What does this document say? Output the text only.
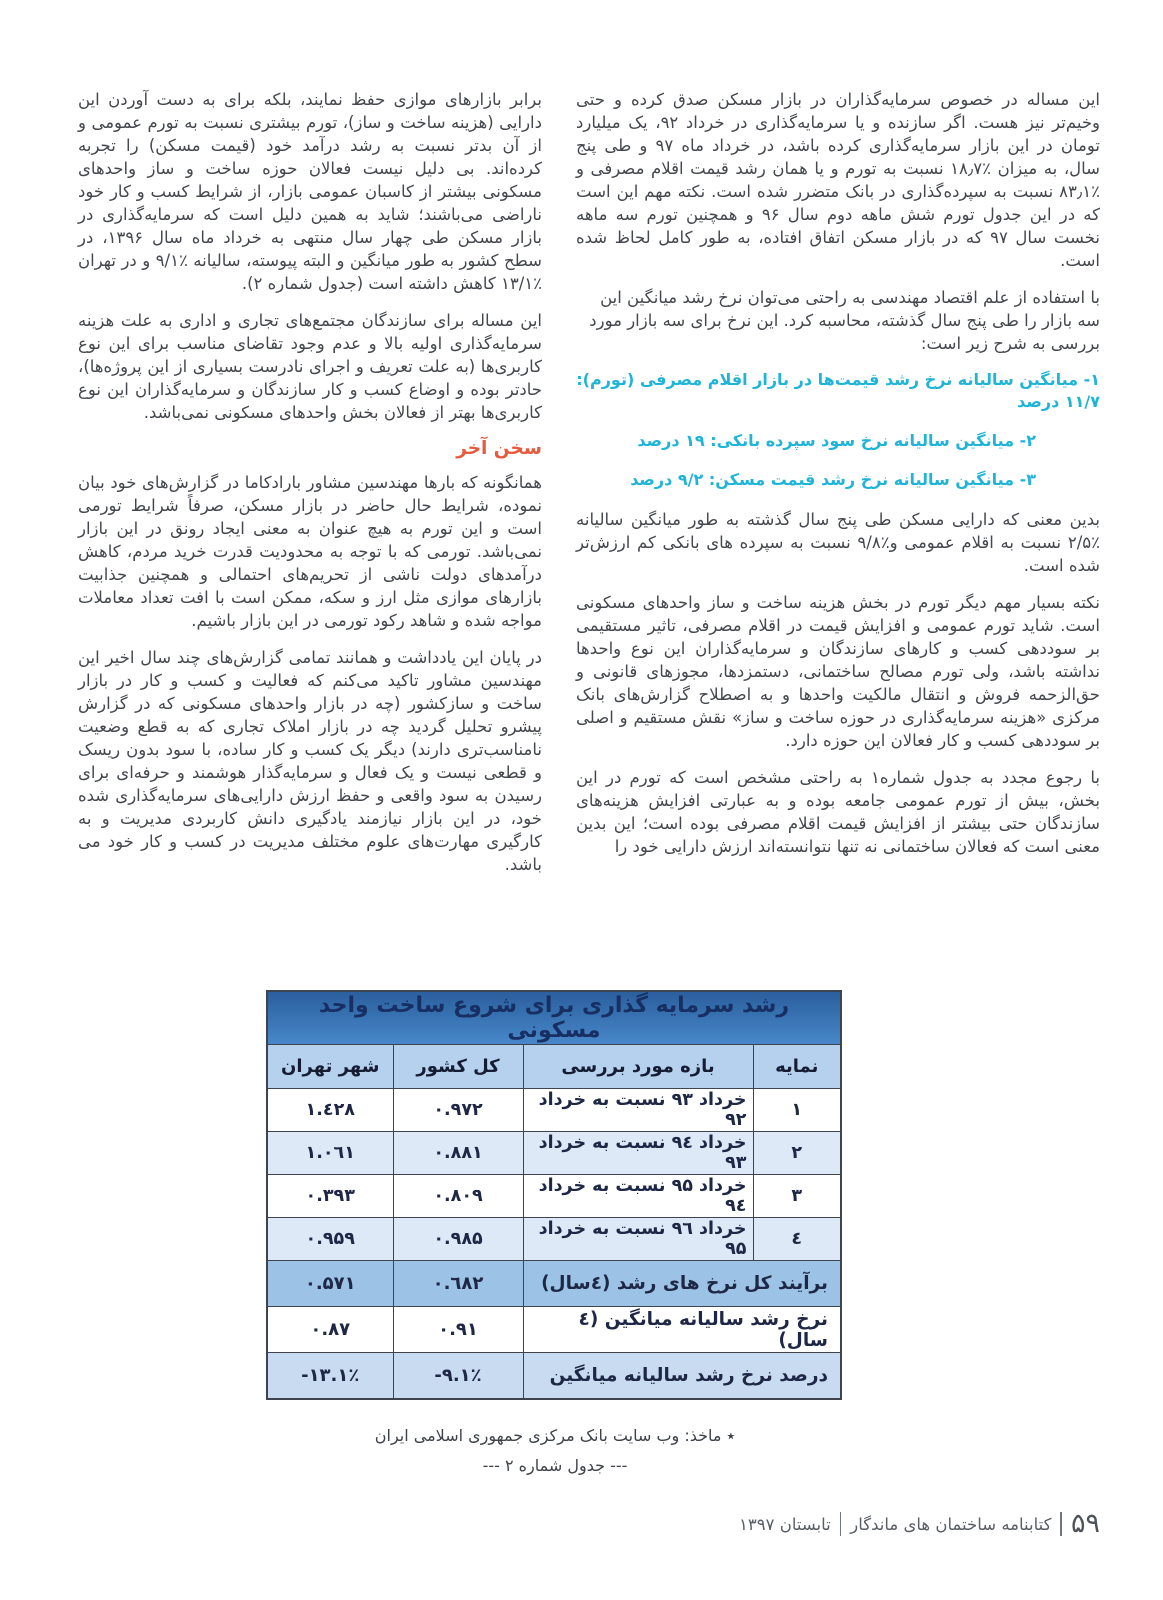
این مساله در خصوص سرمایه‌گذاران در بازار مسکن صدق کرده و حتی وخیم‌تر نیز هست. اگر سازنده و یا سرمایه‌گذاری در خرداد ۹۲، یک میلیارد تومان در این بازار سرمایه‌گذاری کرده باشد، در خرداد ماه ۹۷ و طی پنج سال، به میزان ٪۱۸٫۷ نسبت به تورم و یا همان رشد قیمت اقلام مصرفی و ٪۸۳٫۱ نسبت به سپرده‌گذاری در بانک متضرر شده است. نکته مهم این است که در این جدول تورم شش ماهه دوم سال ۹۶ و همچنین تورم سه ماهه نخست سال ۹۷ که در بازار مسکن اتفاق افتاده، به طور کامل لحاظ شده است.

با استفاده از علم اقتصاد مهندسی به راحتی می‌توان نرخ رشد میانگین این سه بازار را طی پنج سال گذشته، محاسبه کرد. این نرخ برای سه بازار مورد بررسی به شرح زیر است:

۱- میانگین سالیانه نرخ رشد قیمت‌ها در بازار اقلام مصرفی (تورم): ۱۱/۷ درصد

۲- میانگین سالیانه نرخ سود سپرده بانکی: ۱۹ درصد

۳- میانگین سالیانه نرخ رشد قیمت مسکن: ۹/۲ درصد

بدین معنی که دارایی مسکن طی پنج سال گذشته به طور میانگین سالیانه ٪۲/۵ نسبت به اقلام عمومی و٪۹/۸ نسبت به سپرده های بانکی کم ارزش‌تر شده است.

نکته بسیار مهم دیگر تورم در بخش هزینه ساخت و ساز واحدهای مسکونی است. شاید تورم عمومی و افزایش قیمت در اقلام مصرفی، تاثیر مستقیمی بر سوددهی کسب و کارهای سازندگان و سرمایه‌گذاران این نوع واحدها نداشته باشد، ولی تورم مصالح ساختمانی، دستمزدها، مجوزهای قانونی و حق‌الزحمه فروش و انتقال مالکیت واحدها و به اصطلاح گزارش‌های بانک مرکزی «هزینه سرمایه‌گذاری در حوزه ساخت و ساز» نقش مستقیم و اصلی بر سوددهی کسب و کار فعالان این حوزه دارد.

با رجوع مجدد به جدول شماره۱ به راحتی مشخص است که تورم در این بخش، بیش از تورم عمومی جامعه بوده و به عبارتی افزایش هزینه‌های سازندگان حتی بیشتر از افزایش قیمت اقلام مصرفی بوده است؛ این بدین معنی است که فعالان ساختمانی نه تنها نتوانسته‌اند ارزش دارایی خود را

برابر بازارهای موازی حفظ نمایند، بلکه برای به دست آوردن این دارایی (هزینه ساخت و ساز)، تورم بیشتری نسبت به تورم عمومی و از آن بدتر نسبت به رشد درآمد خود (قیمت مسکن) را تجربه کرده‌اند. بی دلیل نیست فعالان حوزه ساخت و ساز واحدهای مسکونی بیشتر از کاسبان عمومی بازار، از شرایط کسب و کار خود ناراضی می‌باشند؛ شاید به همین دلیل است که سرمایه‌گذاری در بازار مسکن طی چهار سال منتهی به خرداد ماه سال ۱۳۹۶، در سطح کشور به طور میانگین و البته پیوسته، سالیانه ٪۹/۱ و در تهران ٪۱۳/۱ کاهش داشته است (جدول شماره ۲).

این مساله برای سازندگان مجتمع‌های تجاری و اداری به علت هزینه سرمایه‌گذاری اولیه بالا و عدم وجود تقاضای مناسب برای این نوع کاربری‌ها (به علت تعریف و اجرای نادرست بسیاری از این پروژه‌ها)، حادتر بوده و اوضاع کسب و کار سازندگان و سرمایه‌گذاران این نوع کاربری‌ها بهتر از فعالان بخش واحدهای مسکونی نمی‌باشد.

سخن آخر

همانگونه که بارها مهندسین مشاور بارادکاما در گزارش‌های خود بیان نموده، شرایط حال حاضر در بازار مسکن، صرفاً شرایط تورمی است و این تورم به هیچ عنوان به معنی ایجاد رونق در این بازار نمی‌باشد. تورمی که با توجه به محدودیت قدرت خرید مردم، کاهش درآمدهای دولت ناشی از تحریم‌های احتمالی و همچنین جذابیت بازارهای موازی مثل ارز و سکه، ممکن است با افت تعداد معاملات مواجه شده و شاهد رکود تورمی در این بازار باشیم.

در پایان این یادداشت و همانند تمامی گزارش‌های چند سال اخیر این مهندسین مشاور تاکید می‌کنم که فعالیت و کسب و کار در بازار ساخت و سازکشور (چه در بازار واحدهای مسکونی که در گزارش پیشرو تحلیل گردید چه در بازار املاک تجاری که به قطع وضعیت نامناسب‌تری دارند) دیگر یک کسب و کار ساده، با سود بدون ریسک و قطعی نیست و یک فعال و سرمایه‌گذار هوشمند و حرفه‌ای برای رسیدن به سود واقعی و حفظ ارزش دارایی‌های سرمایه‌گذاری شده خود، در این بازار نیازمند یادگیری دانش کاربردی مدیریت و به کارگیری مهارت‌های علوم مختلف مدیریت در کسب و کار خود می باشد.

رشد سرمایه گذاری برای شروع ساخت واحد مسکونی			
نمایه	بازه مورد بررسی	کل کشور	شهر تهران
۱	خرداد ۹۳ نسبت به خرداد ۹۲	۰.۹۷۲	۱.٤۲۸
۲	خرداد ۹٤ نسبت به خرداد ۹۳	۰.۸۸۱	۱.۰٦۱
۳	خرداد ۹۵ نسبت به خرداد ۹٤	۰.۸۰۹	۰.۳۹۳
٤	خرداد ۹٦ نسبت به خرداد ۹۵	۰.۹۸۵	۰.۹۵۹
برآیند کل نرخ های رشد (٤سال)		۰.٦۸۲	۰.۵۷۱
نرخ رشد سالیانه میانگین (٤ سال)		۰.۹۱	۰.۸۷
درصد نرخ رشد سالیانه میانگین		-۹.۱٪	-۱۳.۱٪
٭ ماخذ: وب سایت بانک مرکزی جمهوری اسلامی ایران
--- جدول شماره ۲ ---
۵۹
کتابنامه ساختمان های ماندگار
تابستان ۱۳۹۷
